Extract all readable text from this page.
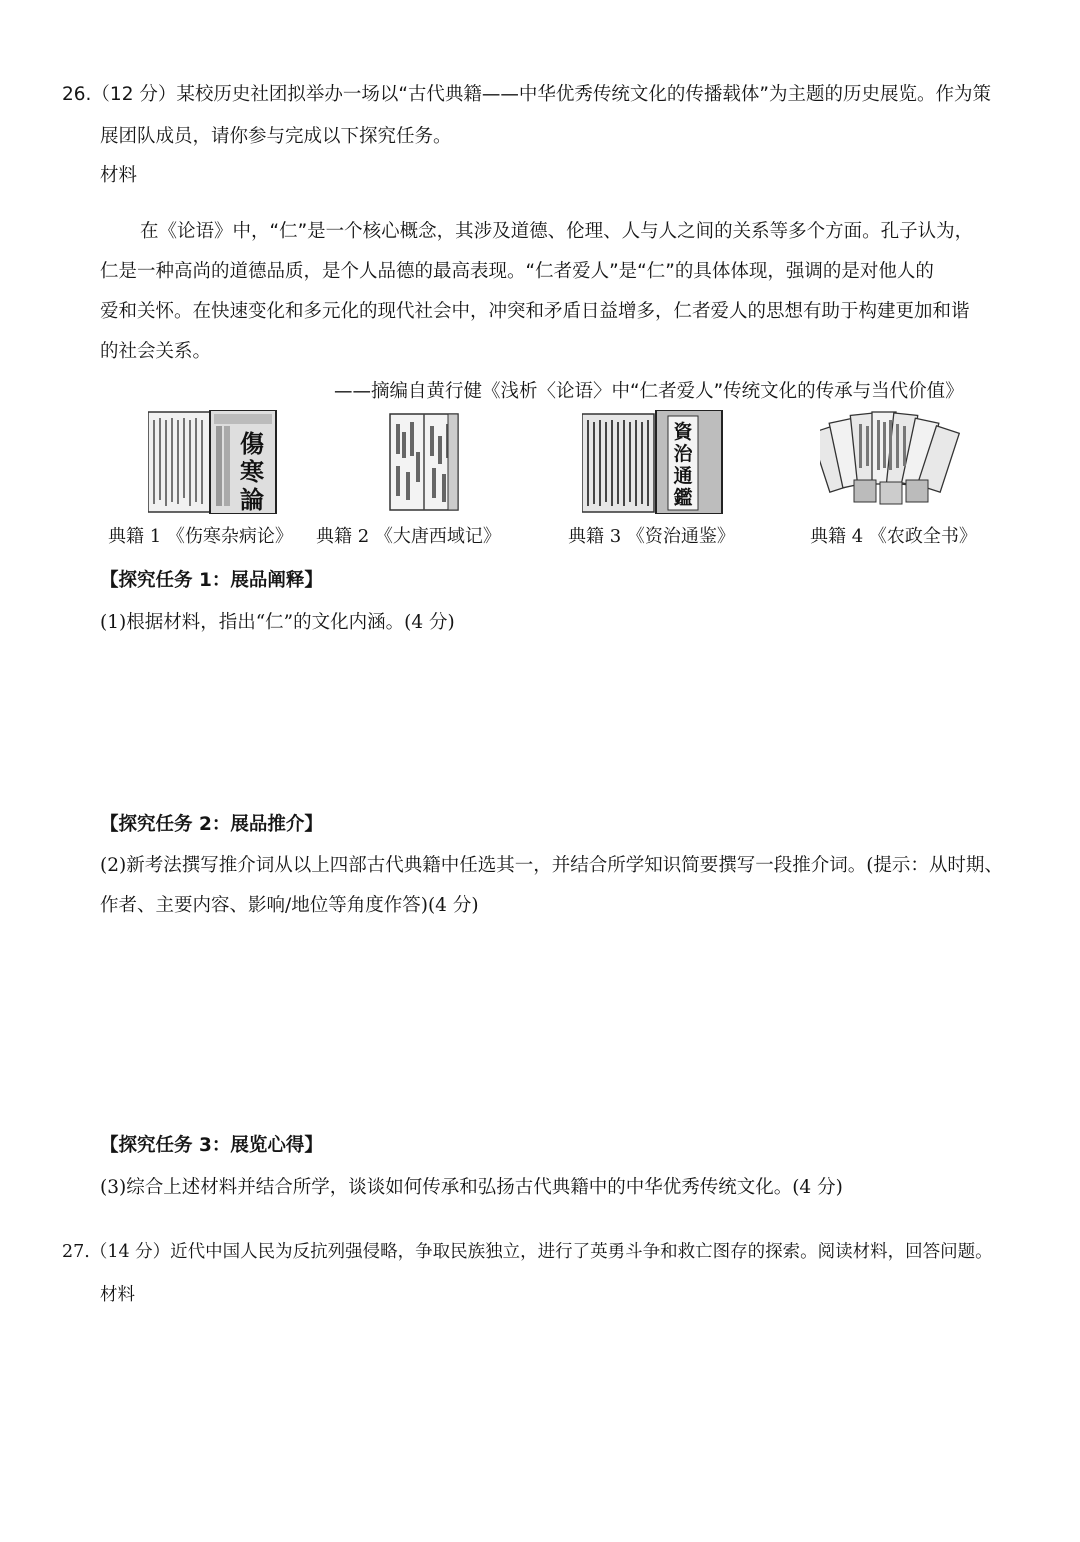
26.（12 分）某校历史社团拟举办一场以“古代典籍——中华优秀传统文化的传播载体”为主题的历史展览。作为策
展团队成员，请你参与完成以下探究任务。
材料
在《论语》中，“仁”是一个核心概念，其涉及道德、伦理、人与人之间的关系等多个方面。孔子认为，
仁是一种高尚的道德品质，是个人品德的最高表现。“仁者爱人”是“仁”的具体体现，强调的是对他人的
爱和关怀。在快速变化和多元化的现代社会中，冲突和矛盾日益增多，仁者爱人的思想有助于构建更加和谐
的社会关系。
——摘编自黄行健《浅析〈论语〉中“仁者爱人”传统文化的传承与当代价值》
傷
寒
論
典籍 1 《伤寒杂病论》 典籍 2 《大唐西域记》
資
治
通
鑑
典籍 3 《资治通鉴》	典籍 4 《农政全书》
【探究任务 1：展品阐释】
(1)根据材料，指出“仁”的文化内涵。(4 分)
【探究任务 2：展品推介】
(2)新考法撰写推介词从以上四部古代典籍中任选其一，并结合所学知识简要撰写一段推介词。(提示：从时期、
作者、主要内容、影响/地位等角度作答)(4 分)
【探究任务 3：展览心得】
(3)综合上述材料并结合所学，谈谈如何传承和弘扬古代典籍中的中华优秀传统文化。(4 分)
27.（14 分）近代中国人民为反抗列强侵略，争取民族独立，进行了英勇斗争和救亡图存的探索。阅读材料，回答问题。
材料
